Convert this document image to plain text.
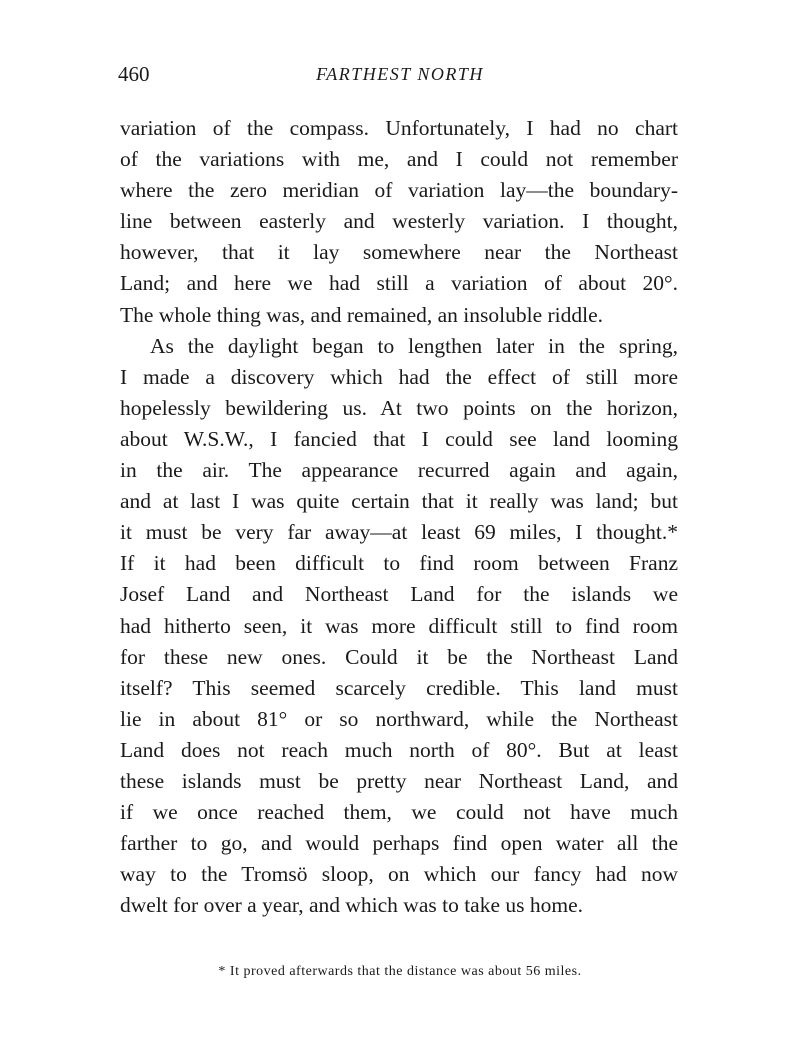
460	FARTHEST NORTH
variation of the compass. Unfortunately, I had no chart
of the variations with me, and I could not remember
where the zero meridian of variation lay—the boundary-
line between easterly and westerly variation. I thought,
however, that it lay somewhere near the Northeast
Land; and here we had still a variation of about 20°.
The whole thing was, and remained, an insoluble riddle.
As the daylight began to lengthen later in the spring,
I made a discovery which had the effect of still more
hopelessly bewildering us. At two points on the horizon,
about W.S.W., I fancied that I could see land looming
in the air. The appearance recurred again and again,
and at last I was quite certain that it really was land; but
it must be very far away—at least 69 miles, I thought.*
If it had been difficult to find room between Franz
Josef Land and Northeast Land for the islands we
had hitherto seen, it was more difficult still to find room
for these new ones. Could it be the Northeast Land
itself? This seemed scarcely credible. This land must
lie in about 81° or so northward, while the Northeast
Land does not reach much north of 80°. But at least
these islands must be pretty near Northeast Land, and
if we once reached them, we could not have much
farther to go, and would perhaps find open water all the
way to the Tromsö sloop, on which our fancy had now
dwelt for over a year, and which was to take us home.
* It proved afterwards that the distance was about 56 miles.
